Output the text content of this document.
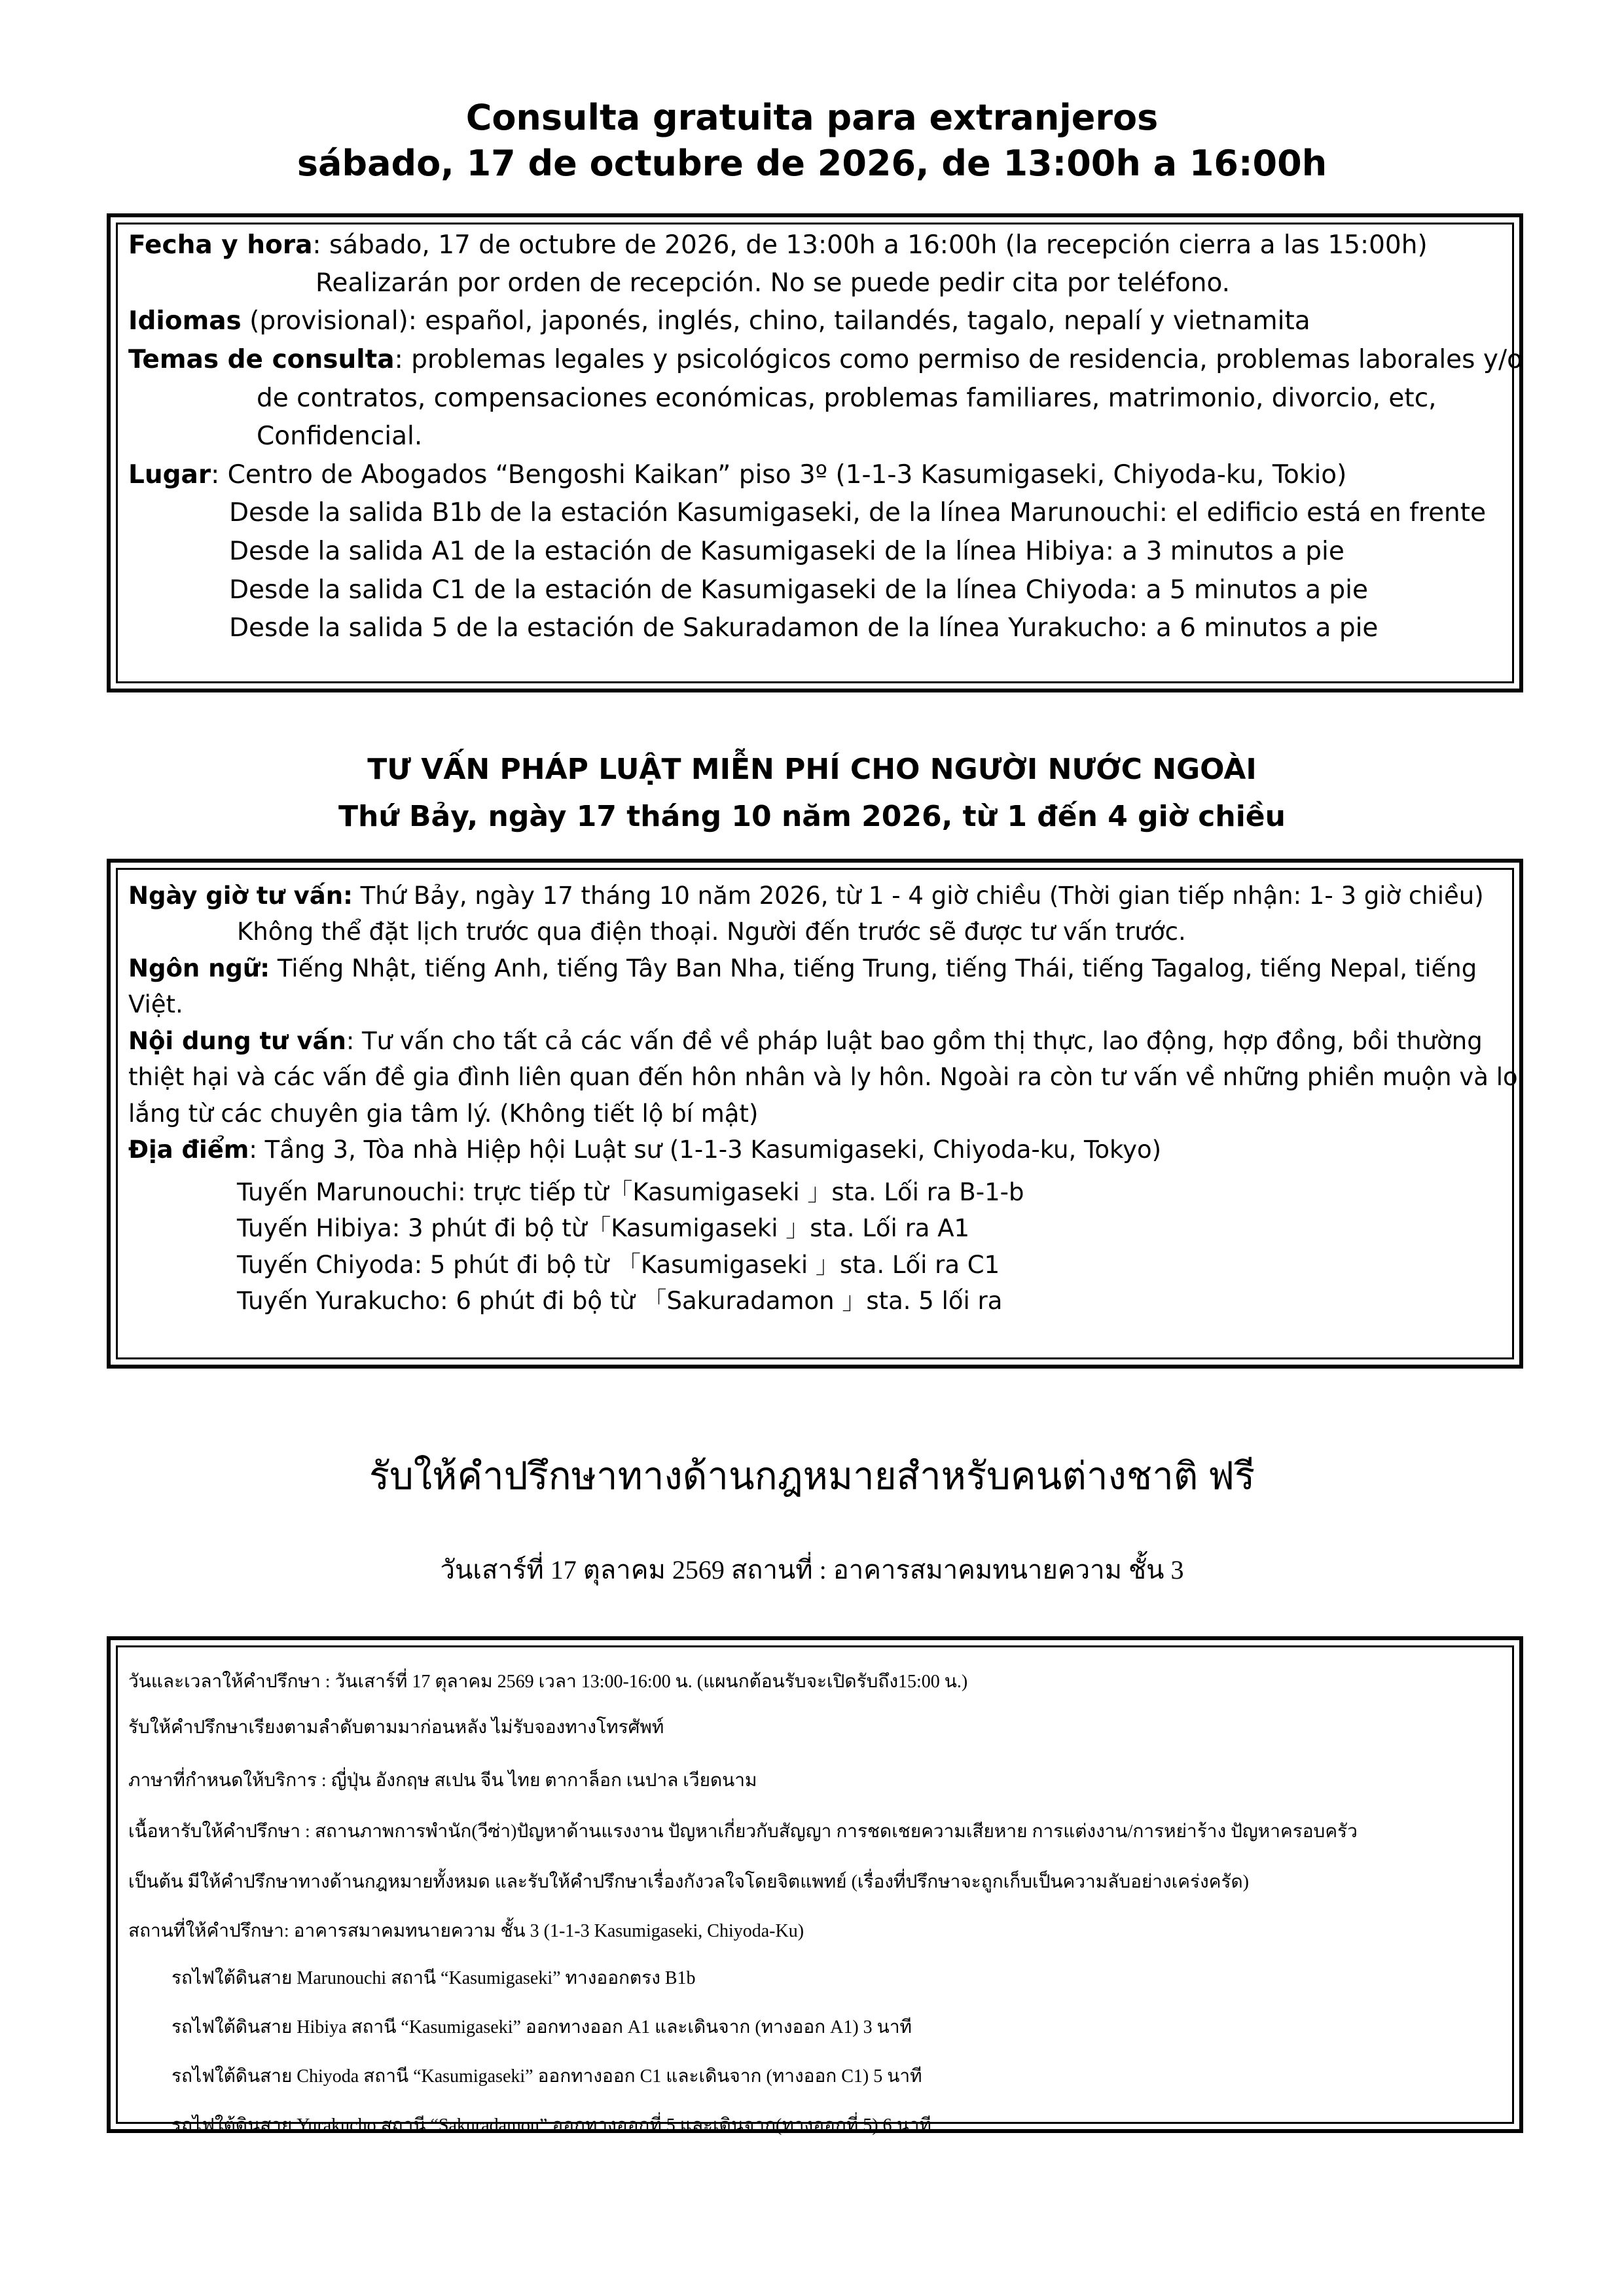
Consulta gratuita para extranjeros
sábado, 17 de octubre de 2026, de 13:00h a 16:00h
Fecha y hora: sábado, 17 de octubre de 2026, de 13:00h a 16:00h (la recepción cierra a las 15:00h)
Realizarán por orden de recepción. No se puede pedir cita por teléfono.
Idiomas (provisional): español, japonés, inglés, chino, tailandés, tagalo, nepalí y vietnamita
Temas de consulta: problemas legales y psicológicos como permiso de residencia, problemas laborales y/o
de contratos, compensaciones económicas, problemas familiares, matrimonio, divorcio, etc,
Confidencial.
Lugar: Centro de Abogados “Bengoshi Kaikan” piso 3º (1-1-3 Kasumigaseki, Chiyoda-ku, Tokio)
Desde la salida B1b de la estación Kasumigaseki, de la línea Marunouchi: el edificio está en frente
Desde la salida A1 de la estación de Kasumigaseki de la línea Hibiya: a 3 minutos a pie
Desde la salida C1 de la estación de Kasumigaseki de la línea Chiyoda: a 5 minutos a pie
Desde la salida 5 de la estación de Sakuradamon de la línea Yurakucho: a 6 minutos a pie
TƯ VẤN PHÁP LUẬT MIỄN PHÍ CHO NGƯỜI NƯỚC NGOÀI
Thứ Bảy, ngày 17 tháng 10 năm 2026, từ 1 đến 4 giờ chiều
Ngày giờ tư vấn: Thứ Bảy, ngày 17 tháng 10 năm 2026, từ 1 - 4 giờ chiều (Thời gian tiếp nhận: 1- 3 giờ chiều)
Không thể đặt lịch trước qua điện thoại. Người đến trước sẽ được tư vấn trước.
Ngôn ngữ: Tiếng Nhật, tiếng Anh, tiếng Tây Ban Nha, tiếng Trung, tiếng Thái, tiếng Tagalog, tiếng Nepal, tiếng
Việt.
Nội dung tư vấn: Tư vấn cho tất cả các vấn đề về pháp luật bao gồm thị thực, lao động, hợp đồng, bồi thường
thiệt hại và các vấn đề gia đình liên quan đến hôn nhân và ly hôn. Ngoài ra còn tư vấn về những phiền muộn và lo
lắng từ các chuyên gia tâm lý. (Không tiết lộ bí mật)
Địa điểm: Tầng 3, Tòa nhà Hiệp hội Luật sư (1-1-3 Kasumigaseki, Chiyoda-ku, Tokyo)
Tuyến Marunouchi: trực tiếp từ「Kasumigaseki 」sta. Lối ra B-1-b
Tuyến Hibiya: 3 phút đi bộ từ「Kasumigaseki 」sta. Lối ra A1
Tuyến Chiyoda: 5 phút đi bộ từ 「Kasumigaseki 」sta. Lối ra C1
Tuyến Yurakucho: 6 phút đi bộ từ 「Sakuradamon 」sta. 5 lối ra
รับให้คำปรึกษาทางด้านกฎหมายสำหรับคนต่างชาติ ฟรี
วันเสาร์ที่ 17 ตุลาคม 2569 สถานที่ : อาคารสมาคมทนายความ ชั้น 3
วันและเวลาให้คำปรึกษา : วันเสาร์ที่ 17 ตุลาคม 2569 เวลา 13:00-16:00 น. (แผนกต้อนรับจะเปิดรับถึง15:00 น.)
รับให้คำปรึกษาเรียงตามลำดับตามมาก่อนหลัง ไม่รับจองทางโทรศัพท์
ภาษาที่กำหนดให้บริการ : ญี่ปุ่น อังกฤษ สเปน จีน ไทย ตากาล็อก เนปาล เวียดนาม
เนื้อหารับให้คำปรึกษา : สถานภาพการพำนัก(วีซ่า)ปัญหาด้านแรงงาน ปัญหาเกี่ยวกับสัญญา การชดเชยความเสียหาย การแต่งงาน/การหย่าร้าง ปัญหาครอบครัว
เป็นต้น มีให้คำปรึกษาทางด้านกฎหมายทั้งหมด และรับให้คำปรึกษาเรื่องกังวลใจโดยจิตแพทย์ (เรื่องที่ปรึกษาจะถูกเก็บเป็นความลับอย่างเคร่งครัด)
สถานที่ให้คำปรึกษา: อาคารสมาคมทนายความ ชั้น 3 (1-1-3 Kasumigaseki, Chiyoda-Ku)
รถไฟใต้ดินสาย Marunouchi สถานี “Kasumigaseki” ทางออกตรง B1b
รถไฟใต้ดินสาย Hibiya สถานี “Kasumigaseki” ออกทางออก A1 และเดินจาก (ทางออก A1) 3 นาที
รถไฟใต้ดินสาย Chiyoda สถานี “Kasumigaseki” ออกทางออก C1 และเดินจาก (ทางออก C1) 5 นาที
รถไฟใต้ดินสาย Yurakucho สถานี “Sakuradamon” ออกทางออกที่ 5 และเดินจาก(ทางออกที่ 5) 6 นาที
